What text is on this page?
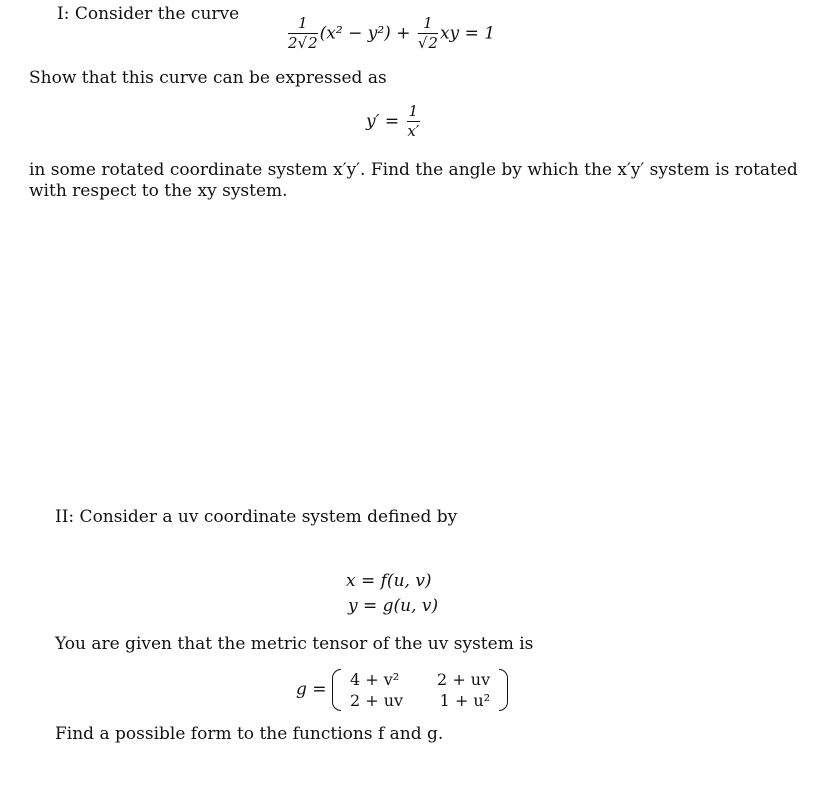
I: Consider the curve
$\frac{1}{2√2} (x^2 - y^2) + \frac{1}{√2}$ xy = 1
Show that this curve can be expressed as
$y' = \frac{1}{x'}$
in some rotated coordinate system x′y′. Find the angle by which the x′y′ system is rotated
with respect to the xy system.
II: Consider a uv coordinate system defined by
x = f(u, v)
y = g(u, v)
You are given that the metric tensor of the uv system is
g = 4 + v²	2 + uv
2 + uv	1 + u²
Find a possible form to the functions f and g.
